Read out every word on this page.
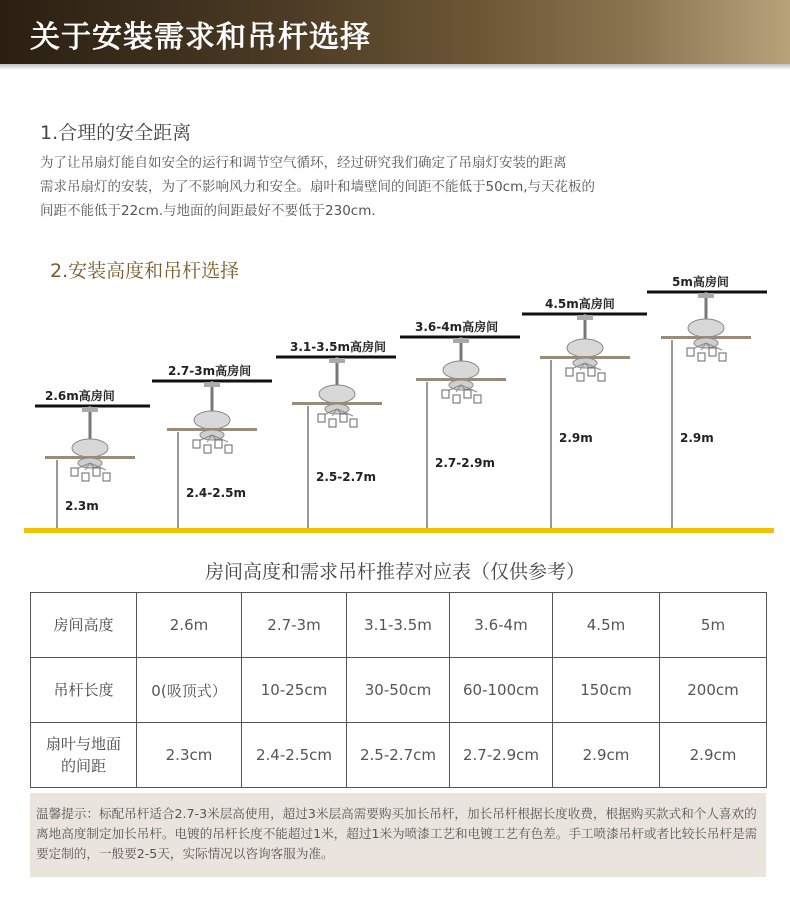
关于安装需求和吊杆选择
1.合理的安全距离
为了让吊扇灯能自如安全的运行和调节空气循环，经过研究我们确定了吊扇灯安装的距离
需求吊扇灯的安装，为了不影响风力和安全。扇叶和墙壁间的间距不能低于50cm,与天花板的
间距不能低于22cm.与地面的间距最好不要低于230cm.
2.安装高度和吊杆选择
2.6m高房间
2.3m
2.7-3m高房间
2.4-2.5m
3.1-3.5m高房间
2.5-2.7m
3.6-4m高房间
2.7-2.9m
4.5m高房间
2.9m
5m高房间
2.9m
房间高度和需求吊杆推荐对应表（仅供参考）
房间高度	2.6m	2.7-3m	3.1-3.5m	3.6-4m	4.5m	5m
吊杆长度	0(吸顶式）	10-25cm	30-50cm	60-100cm	150cm	200cm

扇叶与地面
的间距	2.3cm	2.4-2.5cm	2.5-2.7cm	2.7-2.9cm	2.9cm	2.9cm
温馨提示：标配吊杆适合2.7-3米层高使用，超过3米层高需要购买加长吊杆，加长吊杆根据长度收费，根据购买款式和个人喜欢的离地高度制定加长吊杆。电镀的吊杆长度不能超过1米，超过1米为喷漆工艺和电镀工艺有色差。手工喷漆吊杆或者比较长吊杆是需要定制的，一般要2-5天，实际情况以咨询客服为准。
